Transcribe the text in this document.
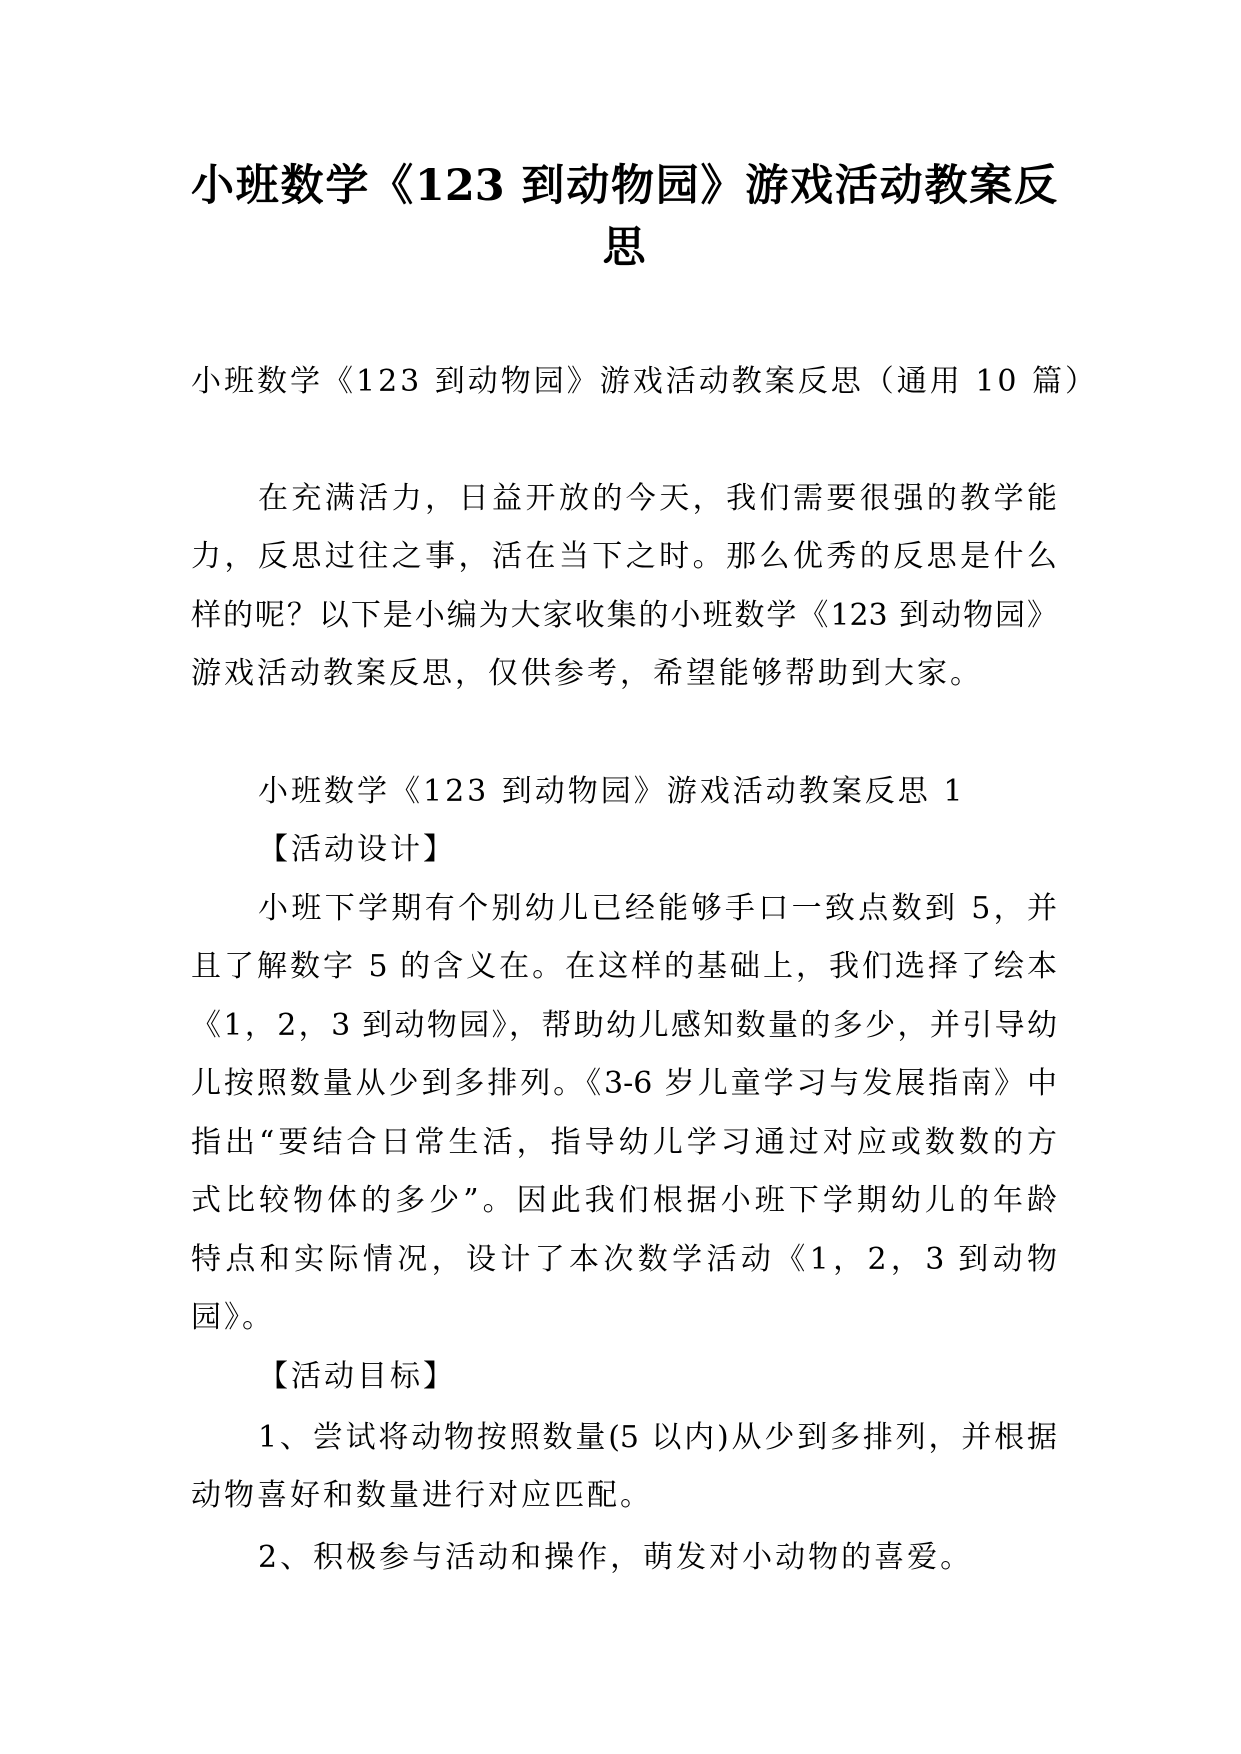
小班数学《123 到动物园》游戏活动教案反
思
小班数学《123 到动物园》游戏活动教案反思（通用 10 篇）
在充满活力，日益开放的今天，我们需要很强的教学能
力，反思过往之事，活在当下之时。那么优秀的反思是什么
样的呢？以下是小编为大家收集的小班数学《123 到动物园》
游戏活动教案反思，仅供参考，希望能够帮助到大家。
小班数学《123 到动物园》游戏活动教案反思 1
【活动设计】
小班下学期有个别幼儿已经能够手口一致点数到 5，并
且了解数字 5 的含义在。在这样的基础上，我们选择了绘本
《1，2，3 到动物园》，帮助幼儿感知数量的多少，并引导幼
儿按照数量从少到多排列。《3-6 岁儿童学习与发展指南》中
指出“要结合日常生活，指导幼儿学习通过对应或数数的方
式比较物体的多少”。因此我们根据小班下学期幼儿的年龄
特点和实际情况，设计了本次数学活动《1，2，3 到动物
园》。
【活动目标】
1、尝试将动物按照数量(5 以内)从少到多排列，并根据
动物喜好和数量进行对应匹配。
2、积极参与活动和操作，萌发对小动物的喜爱。
